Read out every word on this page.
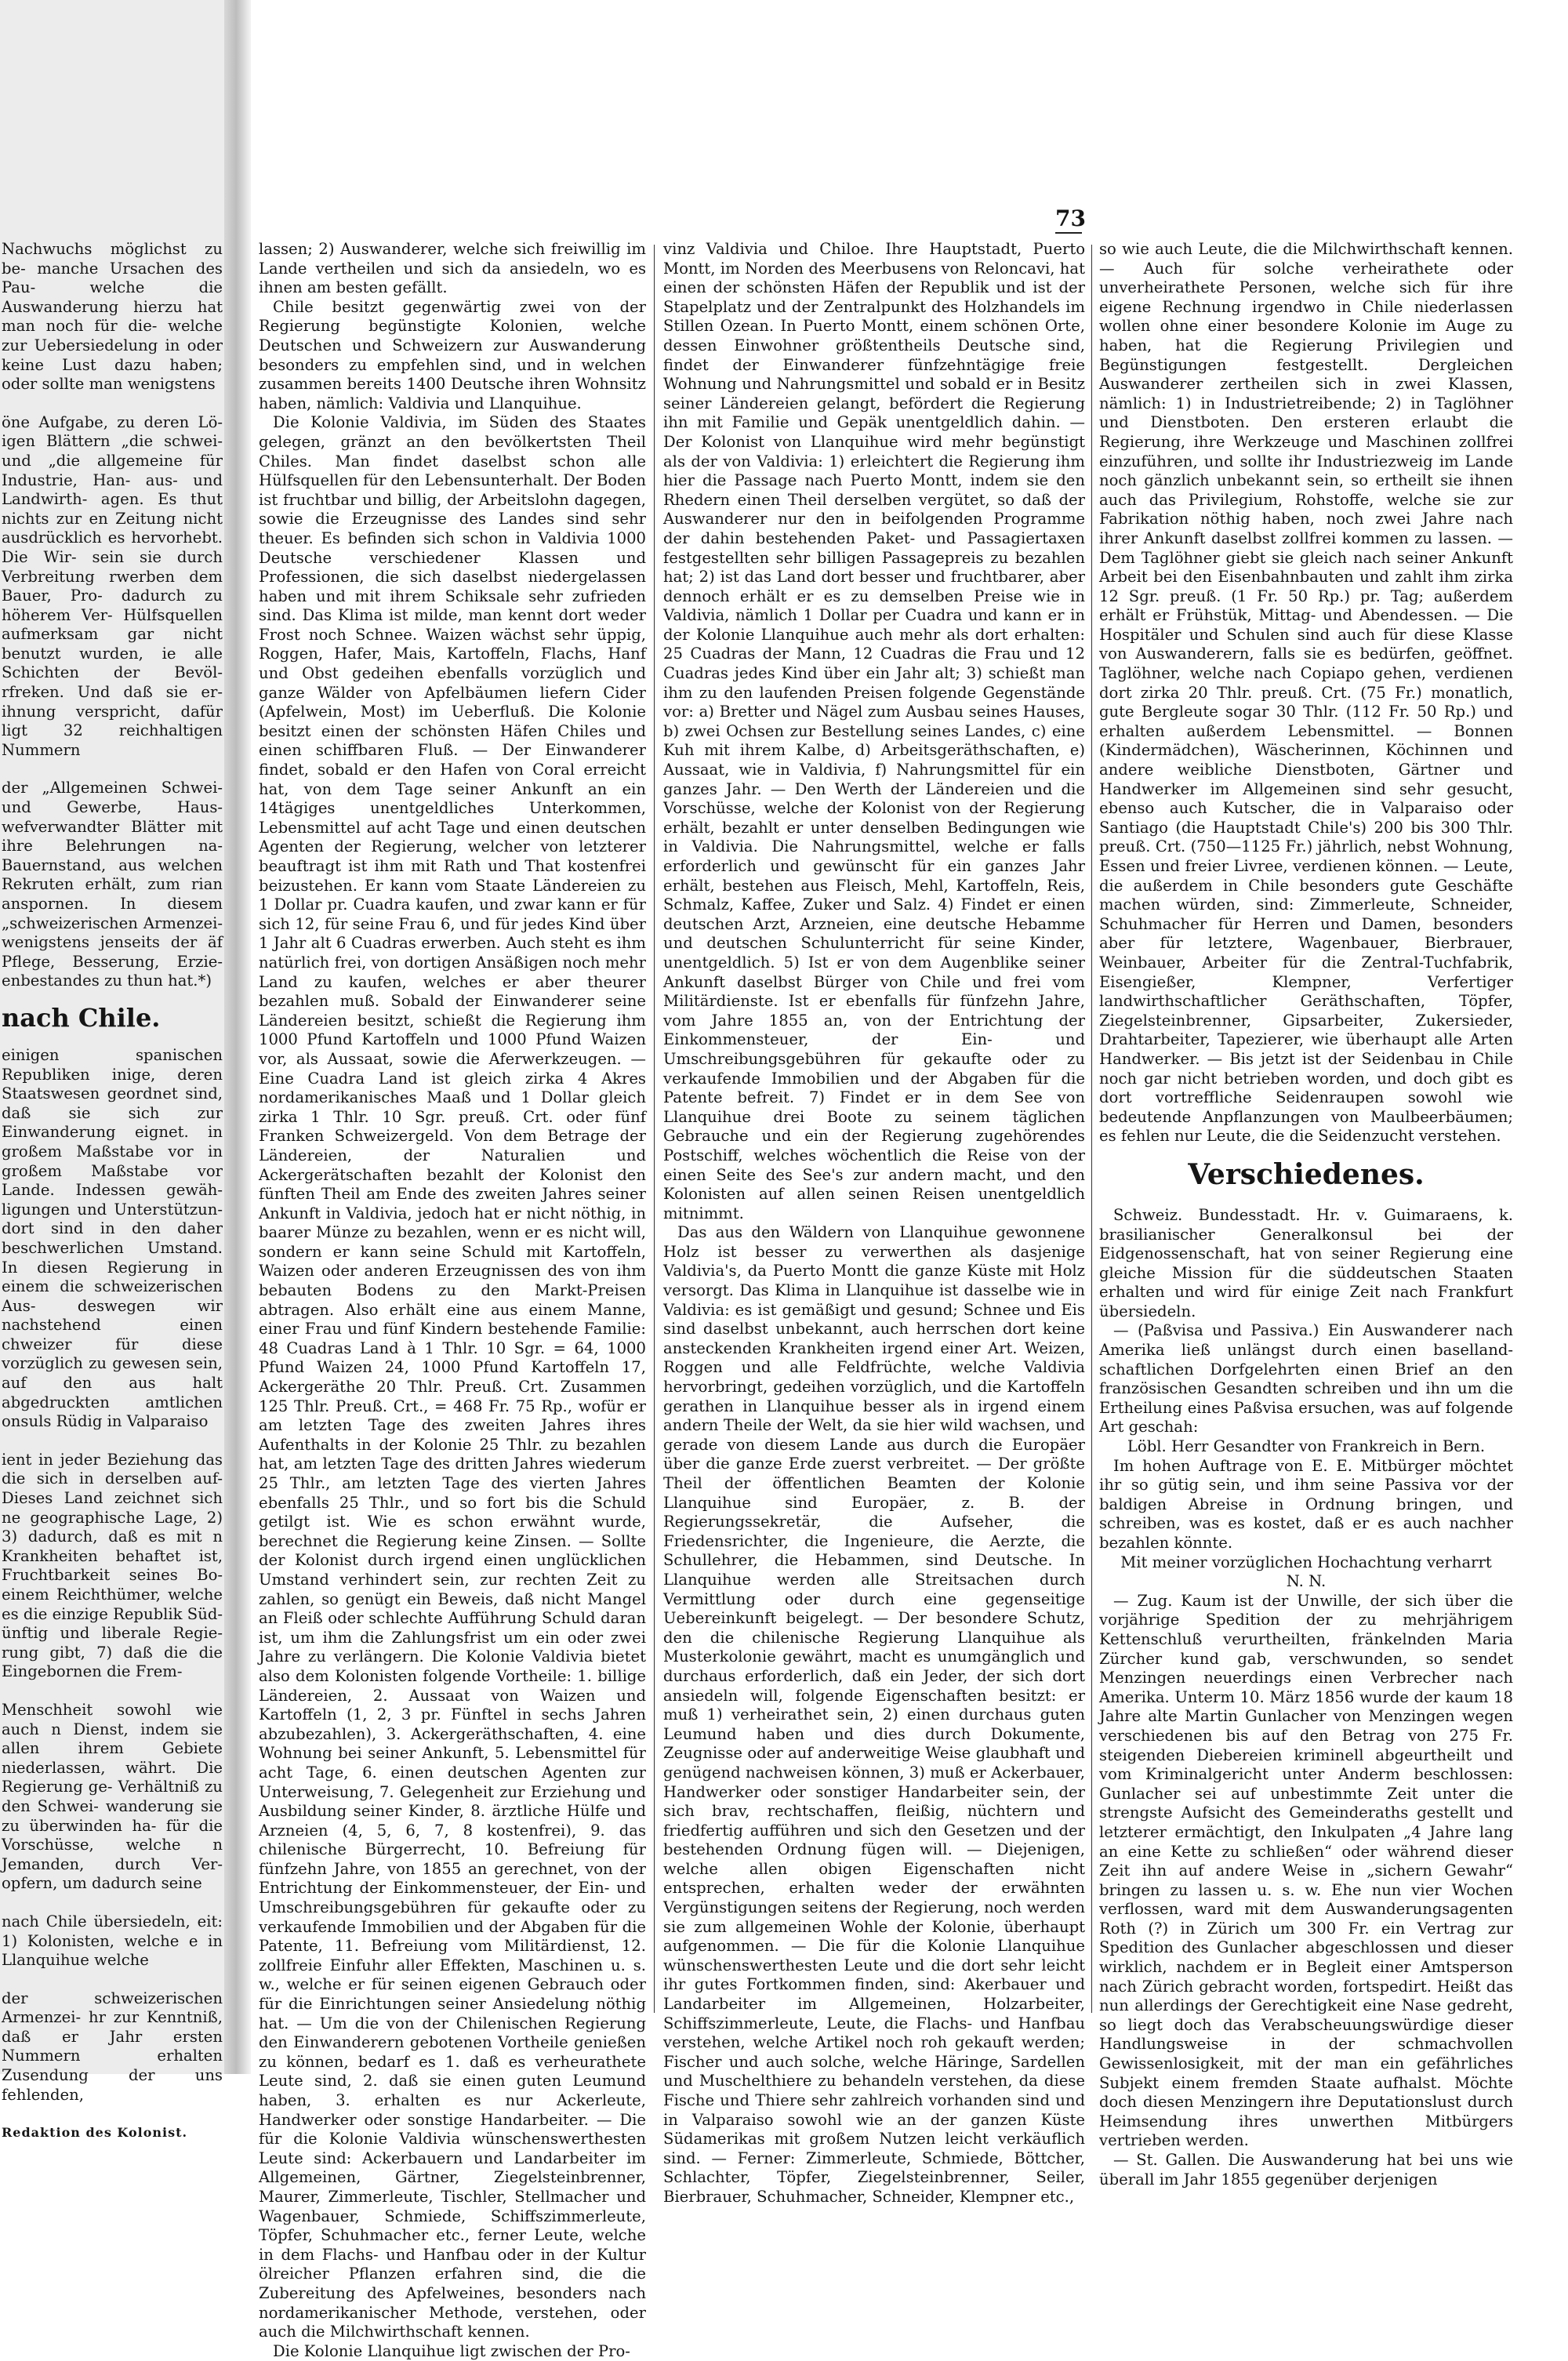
Nachwuchs möglichst zu be- manche Ursachen des Pau- welche die Auswanderung hierzu hat man noch für die- welche zur Uebersiedelung in oder keine Lust dazu haben; oder sollte man wenigstens

öne Aufgabe, zu deren Lö- igen Blättern „die schwei- und „die allgemeine für Industrie, Han- aus- und Landwirth- agen. Es thut nichts zur en Zeitung nicht ausdrücklich es hervorhebt. Die Wir- sein sie durch Verbreitung rwerben dem Bauer, Pro- dadurch zu höherem Ver- Hülfsquellen aufmerksam gar nicht benutzt wurden, ie alle Schichten der Bevöl- rfreken. Und daß sie er- ihnung verspricht, dafür ligt 32 reichhaltigen Nummern

der „Allgemeinen Schwei- und Gewerbe, Haus- wefverwandter Blätter mit ihre Belehrungen na- Bauernstand, aus welchen Rekruten erhält, zum rian anspornen. In diesem „schweizerischen Armenzei- wenigstens jenseits der äf Pflege, Besserung, Erzie- enbestandes zu thun hat.*)

nach Chile.

einigen spanischen Republiken inige, deren Staatswesen geordnet sind, daß sie sich zur Einwanderung eignet. in großem Maßstabe vor in großem Maßstabe vor Lande. Indessen gewäh- ligungen und Unterstützun- dort sind in den daher beschwerlichen Umstand. In diesen Regierung in einem die schweizerischen Aus- deswegen wir nachstehend einen chweizer für diese vorzüglich zu gewesen sein, auf den aus halt abgedruckten amtlichen onsuls Rüdig in Valparaiso

ient in jeder Beziehung das die sich in derselben auf- Dieses Land zeichnet sich ne geographische Lage, 2) 3) dadurch, daß es mit n Krankheiten behaftet ist, Fruchtbarkeit seines Bo- einem Reichthümer, welche es die einzige Republik Süd- ünftig und liberale Regie- rung gibt, 7) daß die die Eingebornen die Frem-

Menschheit sowohl wie auch n Dienst, indem sie allen ihrem Gebiete niederlassen, währt. Die Regierung ge- Verhältniß zu den Schwei- wanderung sie zu überwinden ha- für die Vorschüsse, welche n Jemanden, durch Ver- opfern, um dadurch seine

nach Chile übersiedeln, eit: 1) Kolonisten, welche e in Llanquihue welche

der schweizerischen Armenzei- hr zur Kenntniß, daß er Jahr ersten Nummern erhalten Zusendung der uns fehlenden,

Redaktion des Kolonist.

73

lassen; 2) Auswanderer, welche sich freiwillig im Lande vertheilen und sich da ansiedeln, wo es ihnen am besten gefällt.

Chile besitzt gegenwärtig zwei von der Regierung begünstigte Kolonien, welche Deutschen und Schweizern zur Auswanderung besonders zu empfehlen sind, und in welchen zusammen bereits 1400 Deutsche ihren Wohnsitz haben, nämlich: Valdivia und Llanquihue.

Die Kolonie Valdivia, im Süden des Staates gelegen, gränzt an den bevölkertsten Theil Chiles. Man findet daselbst schon alle Hülfsquellen für den Lebensunterhalt. Der Boden ist fruchtbar und billig, der Arbeitslohn dagegen, sowie die Erzeugnisse des Landes sind sehr theuer. Es befinden sich schon in Valdivia 1000 Deutsche verschiedener Klassen und Professionen, die sich daselbst niedergelassen haben und mit ihrem Schiksale sehr zufrieden sind. Das Klima ist milde, man kennt dort weder Frost noch Schnee. Waizen wächst sehr üppig, Roggen, Hafer, Mais, Kartoffeln, Flachs, Hanf und Obst gedeihen ebenfalls vorzüglich und ganze Wälder von Apfelbäumen liefern Cider (Apfelwein, Most) im Ueberfluß. Die Kolonie besitzt einen der schönsten Häfen Chiles und einen schiffbaren Fluß. — Der Einwanderer findet, sobald er den Hafen von Coral erreicht hat, von dem Tage seiner Ankunft an ein 14tägiges unentgeldliches Unterkommen, Lebensmittel auf acht Tage und einen deutschen Agenten der Regierung, welcher von letzterer beauftragt ist ihm mit Rath und That kostenfrei beizustehen. Er kann vom Staate Ländereien zu 1 Dollar pr. Cuadra kaufen, und zwar kann er für sich 12, für seine Frau 6, und für jedes Kind über 1 Jahr alt 6 Cuadras erwerben. Auch steht es ihm natürlich frei, von dortigen Ansäßigen noch mehr Land zu kaufen, welches er aber theurer bezahlen muß. Sobald der Einwanderer seine Ländereien besitzt, schießt die Regierung ihm 1000 Pfund Kartoffeln und 1000 Pfund Waizen vor, als Aussaat, sowie die Aferwerkzeugen. — Eine Cuadra Land ist gleich zirka 4 Akres nordamerikanisches Maaß und 1 Dollar gleich zirka 1 Thlr. 10 Sgr. preuß. Crt. oder fünf Franken Schweizergeld. Von dem Betrage der Ländereien, der Naturalien und Ackergerätschaften bezahlt der Kolonist den fünften Theil am Ende des zweiten Jahres seiner Ankunft in Valdivia, jedoch hat er nicht nöthig, in baarer Münze zu bezahlen, wenn er es nicht will, sondern er kann seine Schuld mit Kartoffeln, Waizen oder anderen Erzeugnissen des von ihm bebauten Bodens zu den Markt-Preisen abtragen. Also erhält eine aus einem Manne, einer Frau und fünf Kindern bestehende Familie: 48 Cuadras Land à 1 Thlr. 10 Sgr. = 64, 1000 Pfund Waizen 24, 1000 Pfund Kartoffeln 17, Ackergeräthe 20 Thlr. Preuß. Crt. Zusammen 125 Thlr. Preuß. Crt., = 468 Fr. 75 Rp., wofür er am letzten Tage des zweiten Jahres ihres Aufenthalts in der Kolonie 25 Thlr. zu bezahlen hat, am letzten Tage des dritten Jahres wiederum 25 Thlr., am letzten Tage des vierten Jahres ebenfalls 25 Thlr., und so fort bis die Schuld getilgt ist. Wie es schon erwähnt wurde, berechnet die Regierung keine Zinsen. — Sollte der Kolonist durch irgend einen unglücklichen Umstand verhindert sein, zur rechten Zeit zu zahlen, so genügt ein Beweis, daß nicht Mangel an Fleiß oder schlechte Aufführung Schuld daran ist, um ihm die Zahlungsfrist um ein oder zwei Jahre zu verlängern. Die Kolonie Valdivia bietet also dem Kolonisten folgende Vortheile: 1. billige Ländereien, 2. Aussaat von Waizen und Kartoffeln (1, 2, 3 pr. Fünftel in sechs Jahren abzubezahlen), 3. Ackergeräthschaften, 4. eine Wohnung bei seiner Ankunft, 5. Lebensmittel für acht Tage, 6. einen deutschen Agenten zur Unterweisung, 7. Gelegenheit zur Erziehung und Ausbildung seiner Kinder, 8. ärztliche Hülfe und Arzneien (4, 5, 6, 7, 8 kostenfrei), 9. das chilenische Bürgerrecht, 10. Befreiung für fünfzehn Jahre, von 1855 an gerechnet, von der Entrichtung der Einkommensteuer, der Ein- und Umschreibungsgebühren für gekaufte oder zu verkaufende Immobilien und der Abgaben für die Patente, 11. Befreiung vom Militärdienst, 12. zollfreie Einfuhr aller Effekten, Maschinen u. s. w., welche er für seinen eigenen Gebrauch oder für die Einrichtungen seiner Ansiedelung nöthig hat. — Um die von der Chilenischen Regierung den Einwanderern gebotenen Vortheile genießen zu können, bedarf es 1. daß es verheurathete Leute sind, 2. daß sie einen guten Leumund haben, 3. erhalten es nur Ackerleute, Handwerker oder sonstige Handarbeiter. — Die für die Kolonie Valdivia wünschenswerthesten Leute sind: Ackerbauern und Landarbeiter im Allgemeinen, Gärtner, Ziegelsteinbrenner, Maurer, Zimmerleute, Tischler, Stellmacher und Wagenbauer, Schmiede, Schiffszimmerleute, Töpfer, Schuhmacher etc., ferner Leute, welche in dem Flachs- und Hanfbau oder in der Kultur ölreicher Pflanzen erfahren sind, die die Zubereitung des Apfelweines, besonders nach nordamerikanischer Methode, verstehen, oder auch die Milchwirthschaft kennen.

Die Kolonie Llanquihue ligt zwischen der Pro-

vinz Valdivia und Chiloe. Ihre Hauptstadt, Puerto Montt, im Norden des Meerbusens von Reloncavi, hat einen der schönsten Häfen der Republik und ist der Stapelplatz und der Zentralpunkt des Holzhandels im Stillen Ozean. In Puerto Montt, einem schönen Orte, dessen Einwohner größtentheils Deutsche sind, findet der Einwanderer fünfzehntägige freie Wohnung und Nahrungsmittel und sobald er in Besitz seiner Ländereien gelangt, befördert die Regierung ihn mit Familie und Gepäk unentgeldlich dahin. — Der Kolonist von Llanquihue wird mehr begünstigt als der von Valdivia: 1) erleichtert die Regierung ihm hier die Passage nach Puerto Montt, indem sie den Rhedern einen Theil derselben vergütet, so daß der Auswanderer nur den in beifolgenden Programme der dahin bestehenden Paket- und Passagiertaxen festgestellten sehr billigen Passagepreis zu bezahlen hat; 2) ist das Land dort besser und fruchtbarer, aber dennoch erhält er es zu demselben Preise wie in Valdivia, nämlich 1 Dollar per Cuadra und kann er in der Kolonie Llanquihue auch mehr als dort erhalten: 25 Cuadras der Mann, 12 Cuadras die Frau und 12 Cuadras jedes Kind über ein Jahr alt; 3) schießt man ihm zu den laufenden Preisen folgende Gegenstände vor: a) Bretter und Nägel zum Ausbau seines Hauses, b) zwei Ochsen zur Bestellung seines Landes, c) eine Kuh mit ihrem Kalbe, d) Arbeitsgeräthschaften, e) Aussaat, wie in Valdivia, f) Nahrungsmittel für ein ganzes Jahr. — Den Werth der Ländereien und die Vorschüsse, welche der Kolonist von der Regierung erhält, bezahlt er unter denselben Bedingungen wie in Valdivia. Die Nahrungsmittel, welche er falls erforderlich und gewünscht für ein ganzes Jahr erhält, bestehen aus Fleisch, Mehl, Kartoffeln, Reis, Schmalz, Kaffee, Zuker und Salz. 4) Findet er einen deutschen Arzt, Arzneien, eine deutsche Hebamme und deutschen Schulunterricht für seine Kinder, unentgeldlich. 5) Ist er von dem Augenblike seiner Ankunft daselbst Bürger von Chile und frei vom Militärdienste. Ist er ebenfalls für fünfzehn Jahre, vom Jahre 1855 an, von der Entrichtung der Einkommensteuer, der Ein- und Umschreibungsgebühren für gekaufte oder zu verkaufende Immobilien und der Abgaben für die Patente befreit. 7) Findet er in dem See von Llanquihue drei Boote zu seinem täglichen Gebrauche und ein der Regierung zugehörendes Postschiff, welches wöchentlich die Reise von der einen Seite des See's zur andern macht, und den Kolonisten auf allen seinen Reisen unentgeldlich mitnimmt.

Das aus den Wäldern von Llanquihue gewonnene Holz ist besser zu verwerthen als dasjenige Valdivia's, da Puerto Montt die ganze Küste mit Holz versorgt. Das Klima in Llanquihue ist dasselbe wie in Valdivia: es ist gemäßigt und gesund; Schnee und Eis sind daselbst unbekannt, auch herrschen dort keine ansteckenden Krankheiten irgend einer Art. Weizen, Roggen und alle Feldfrüchte, welche Valdivia hervorbringt, gedeihen vorzüglich, und die Kartoffeln gerathen in Llanquihue besser als in irgend einem andern Theile der Welt, da sie hier wild wachsen, und gerade von diesem Lande aus durch die Europäer über die ganze Erde zuerst verbreitet. — Der größte Theil der öffentlichen Beamten der Kolonie Llanquihue sind Europäer, z. B. der Regierungssekretär, die Aufseher, die Friedensrichter, die Ingenieure, die Aerzte, die Schullehrer, die Hebammen, sind Deutsche. In Llanquihue werden alle Streitsachen durch Vermittlung oder durch eine gegenseitige Uebereinkunft beigelegt. — Der besondere Schutz, den die chilenische Regierung Llanquihue als Musterkolonie gewährt, macht es unumgänglich und durchaus erforderlich, daß ein Jeder, der sich dort ansiedeln will, folgende Eigenschaften besitzt: er muß 1) verheirathet sein, 2) einen durchaus guten Leumund haben und dies durch Dokumente, Zeugnisse oder auf anderweitige Weise glaubhaft und genügend nachweisen können, 3) muß er Ackerbauer, Handwerker oder sonstiger Handarbeiter sein, der sich brav, rechtschaffen, fleißig, nüchtern und friedfertig aufführen und sich den Gesetzen und der bestehenden Ordnung fügen will. — Diejenigen, welche allen obigen Eigenschaften nicht entsprechen, erhalten weder der erwähnten Vergünstigungen seitens der Regierung, noch werden sie zum allgemeinen Wohle der Kolonie, überhaupt aufgenommen. — Die für die Kolonie Llanquihue wünschenswerthesten Leute und die dort sehr leicht ihr gutes Fortkommen finden, sind: Akerbauer und Landarbeiter im Allgemeinen, Holzarbeiter, Schiffszimmerleute, Leute, die Flachs- und Hanfbau verstehen, welche Artikel noch roh gekauft werden; Fischer und auch solche, welche Häringe, Sardellen und Muschelthiere zu behandeln verstehen, da diese Fische und Thiere sehr zahlreich vorhanden sind und in Valparaiso sowohl wie an der ganzen Küste Südamerikas mit großem Nutzen leicht verkäuflich sind. — Ferner: Zimmerleute, Schmiede, Böttcher, Schlachter, Töpfer, Ziegelsteinbrenner, Seiler, Bierbrauer, Schuhmacher, Schneider, Klempner etc.,

so wie auch Leute, die die Milchwirthschaft kennen. — Auch für solche verheirathete oder unverheirathete Personen, welche sich für ihre eigene Rechnung irgendwo in Chile niederlassen wollen ohne einer besondere Kolonie im Auge zu haben, hat die Regierung Privilegien und Begünstigungen festgestellt. Dergleichen Auswanderer zertheilen sich in zwei Klassen, nämlich: 1) in Industrietreibende; 2) in Taglöhner und Dienstboten. Den ersteren erlaubt die Regierung, ihre Werkzeuge und Maschinen zollfrei einzuführen, und sollte ihr Industriezweig im Lande noch gänzlich unbekannt sein, so ertheilt sie ihnen auch das Privilegium, Rohstoffe, welche sie zur Fabrikation nöthig haben, noch zwei Jahre nach ihrer Ankunft daselbst zollfrei kommen zu lassen. — Dem Taglöhner giebt sie gleich nach seiner Ankunft Arbeit bei den Eisenbahnbauten und zahlt ihm zirka 12 Sgr. preuß. (1 Fr. 50 Rp.) pr. Tag; außerdem erhält er Frühstük, Mittag- und Abendessen. — Die Hospitäler und Schulen sind auch für diese Klasse von Auswanderern, falls sie es bedürfen, geöffnet. Taglöhner, welche nach Copiapo gehen, verdienen dort zirka 20 Thlr. preuß. Crt. (75 Fr.) monatlich, gute Bergleute sogar 30 Thlr. (112 Fr. 50 Rp.) und erhalten außerdem Lebensmittel. — Bonnen (Kindermädchen), Wäscherinnen, Köchinnen und andere weibliche Dienstboten, Gärtner und Handwerker im Allgemeinen sind sehr gesucht, ebenso auch Kutscher, die in Valparaiso oder Santiago (die Hauptstadt Chile's) 200 bis 300 Thlr. preuß. Crt. (750—1125 Fr.) jährlich, nebst Wohnung, Essen und freier Livree, verdienen können. — Leute, die außerdem in Chile besonders gute Geschäfte machen würden, sind: Zimmerleute, Schneider, Schuhmacher für Herren und Damen, besonders aber für letztere, Wagenbauer, Bierbrauer, Weinbauer, Arbeiter für die Zentral-Tuchfabrik, Eisengießer, Klempner, Verfertiger landwirthschaftlicher Geräthschaften, Töpfer, Ziegelsteinbrenner, Gipsarbeiter, Zukersieder, Drahtarbeiter, Tapezierer, wie überhaupt alle Arten Handwerker. — Bis jetzt ist der Seidenbau in Chile noch gar nicht betrieben worden, und doch gibt es dort vortreffliche Seidenraupen sowohl wie bedeutende Anpflanzungen von Maulbeerbäumen; es fehlen nur Leute, die die Seidenzucht verstehen.

Verschiedenes.

Schweiz. Bundesstadt. Hr. v. Guimaraens, k. brasilianischer Generalkonsul bei der Eidgenossenschaft, hat von seiner Regierung eine gleiche Mission für die süddeutschen Staaten erhalten und wird für einige Zeit nach Frankfurt übersiedeln.

— (Paßvisa und Passiva.) Ein Auswanderer nach Amerika ließ unlängst durch einen baselland-schaftlichen Dorfgelehrten einen Brief an den französischen Gesandten schreiben und ihn um die Ertheilung eines Paßvisa ersuchen, was auf folgende Art geschah:

Löbl. Herr Gesandter von Frankreich in Bern.

Im hohen Auftrage von E. E. Mitbürger möchtet ihr so gütig sein, und ihm seine Passiva vor der baldigen Abreise in Ordnung bringen, und schreiben, was es kostet, daß er es auch nachher bezahlen könnte.

Mit meiner vorzüglichen Hochachtung verharrt

N. N.

— Zug. Kaum ist der Unwille, der sich über die vorjährige Spedition der zu mehrjährigem Kettenschluß verurtheilten, fränkelnden Maria Zürcher kund gab, verschwunden, so sendet Menzingen neuerdings einen Verbrecher nach Amerika. Unterm 10. März 1856 wurde der kaum 18 Jahre alte Martin Gunlacher von Menzingen wegen verschiedenen bis auf den Betrag von 275 Fr. steigenden Diebereien kriminell abgeurtheilt und vom Kriminalgericht unter Anderm beschlossen: Gunlacher sei auf unbestimmte Zeit unter die strengste Aufsicht des Gemeinderaths gestellt und letzterer ermächtigt, den Inkulpaten „4 Jahre lang an eine Kette zu schließen“ oder während dieser Zeit ihn auf andere Weise in „sichern Gewahr“ bringen zu lassen u. s. w. Ehe nun vier Wochen verflossen, ward mit dem Auswanderungsagenten Roth (?) in Zürich um 300 Fr. ein Vertrag zur Spedition des Gunlacher abgeschlossen und dieser wirklich, nachdem er in Begleit einer Amtsperson nach Zürich gebracht worden, fortspedirt. Heißt das nun allerdings der Gerechtigkeit eine Nase gedreht, so liegt doch das Verabscheuungswürdige dieser Handlungsweise in der schmachvollen Gewissenlosigkeit, mit der man ein gefährliches Subjekt einem fremden Staate aufhalst. Möchte doch diesen Menzingern ihre Deputationslust durch Heimsendung ihres unwerthen Mitbürgers vertrieben werden.

— St. Gallen. Die Auswanderung hat bei uns wie überall im Jahr 1855 gegenüber derjenigen
